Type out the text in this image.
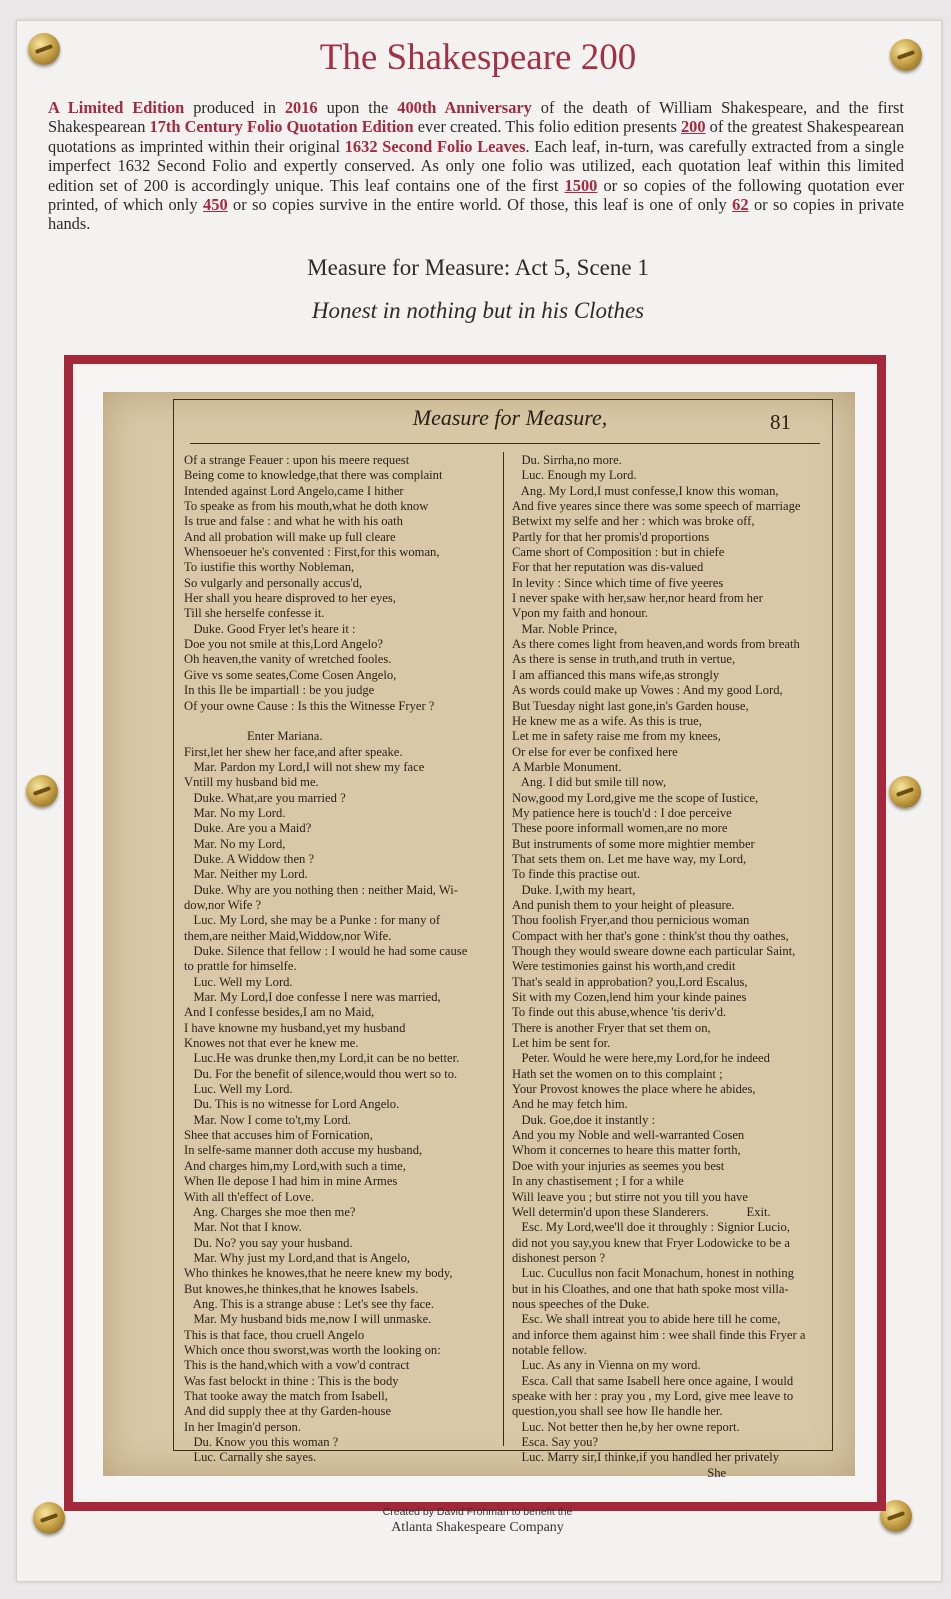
The Shakespeare 200
A Limited Edition produced in 2016 upon the 400th Anniversary of the death of William Shakespeare, and the first Shakespearean 17th Century Folio Quotation Edition ever created. This folio edition presents 200 of the greatest Shakespearean quotations as imprinted within their original 1632 Second Folio Leaves. Each leaf, in-turn, was carefully extracted from a single imperfect 1632 Second Folio and expertly conserved. As only one folio was utilized, each quotation leaf within this limited edition set of 200 is accordingly unique. This leaf contains one of the first 1500 or so copies of the following quotation ever printed, of which only 450 or so copies survive in the entire world. Of those, this leaf is one of only 62 or so copies in private hands.
Measure for Measure: Act 5, Scene 1
Honest in nothing but in his Clothes
Measure for Measure,	81
Of a strange Feauer : upon his meere request
Being come to knowledge,that there was complaint
Intended against Lord Angelo,came I hither
To speake as from his mouth,what he doth know
Is true and false : and what he with his oath
And all probation will make up full cleare
Whensoeuer he's convented : First,for this woman,
To iustifie this worthy Nobleman,
So vulgarly and personally accus'd,
Her shall you heare disproved to her eyes,
Till she herselfe confesse it.
Duke. Good Fryer let's heare it :
Doe you not smile at this,Lord Angelo?
Oh heaven,the vanity of wretched fooles.
Give vs some seates,Come Cosen Angelo,
In this Ile be impartiall : be you judge
Of your owne Cause : Is this the Witnesse Fryer ?

Enter Mariana.
First,let her shew her face,and after speake.
Mar. Pardon my Lord,I will not shew my face
Vntill my husband bid me.
Duke. What,are you married ?
Mar. No my Lord.
Duke. Are you a Maid?
Mar. No my Lord,
Duke. A Widdow then ?
Mar. Neither my Lord.
Duke. Why are you nothing then : neither Maid, Wi-
dow,nor Wife ?
Luc. My Lord, she may be a Punke : for many of
them,are neither Maid,Widdow,nor Wife.
Duke. Silence that fellow : I would he had some cause
to prattle for himselfe.
Luc. Well my Lord.
Mar. My Lord,I doe confesse I nere was married,
And I confesse besides,I am no Maid,
I have knowne my husband,yet my husband
Knowes not that ever he knew me.
Luc.He was drunke then,my Lord,it can be no better.
Du. For the benefit of silence,would thou wert so to.
Luc. Well my Lord.
Du. This is no witnesse for Lord Angelo.
Mar. Now I come to't,my Lord.
Shee that accuses him of Fornication,
In selfe-same manner doth accuse my husband,
And charges him,my Lord,with such a time,
When Ile depose I had him in mine Armes
With all th'effect of Love.
Ang. Charges she moe then me?
Mar. Not that I know.
Du. No? you say your husband.
Mar. Why just my Lord,and that is Angelo,
Who thinkes he knowes,that he neere knew my body,
But knowes,he thinkes,that he knowes Isabels.
Ang. This is a strange abuse : Let's see thy face.
Mar. My husband bids me,now I will unmaske.
This is that face, thou cruell Angelo
Which once thou sworst,was worth the looking on:
This is the hand,which with a vow'd contract
Was fast belockt in thine : This is the body
That tooke away the match from Isabell,
And did supply thee at thy Garden-house
In her Imagin'd person.
Du. Know you this woman ?
Luc. Carnally she sayes.
Du. Sirrha,no more.
Luc. Enough my Lord.
Ang. My Lord,I must confesse,I know this woman,
And five yeares since there was some speech of marriage
Betwixt my selfe and her : which was broke off,
Partly for that her promis'd proportions
Came short of Composition : but in chiefe
For that her reputation was dis-valued
In levity : Since which time of five yeeres
I never spake with her,saw her,nor heard from her
Vpon my faith and honour.
Mar. Noble Prince,
As there comes light from heaven,and words from breath
As there is sense in truth,and truth in vertue,
I am affianced this mans wife,as strongly
As words could make up Vowes : And my good Lord,
But Tuesday night last gone,in's Garden house,
He knew me as a wife. As this is true,
Let me in safety raise me from my knees,
Or else for ever be confixed here
A Marble Monument.
Ang. I did but smile till now,
Now,good my Lord,give me the scope of Iustice,
My patience here is touch'd : I doe perceive
These poore informall women,are no more
But instruments of some more mightier member
That sets them on. Let me have way, my Lord,
To finde this practise out.
Duke. I,with my heart,
And punish them to your height of pleasure.
Thou foolish Fryer,and thou pernicious woman
Compact with her that's gone : think'st thou thy oathes,
Though they would sweare downe each particular Saint,
Were testimonies gainst his worth,and credit
That's seald in approbation? you,Lord Escalus,
Sit with my Cozen,lend him your kinde paines
To finde out this abuse,whence 'tis deriv'd.
There is another Fryer that set them on,
Let him be sent for.
Peter. Would he were here,my Lord,for he indeed
Hath set the women on to this complaint ;
Your Provost knowes the place where he abides,
And he may fetch him.
Duk. Goe,doe it instantly :
And you my Noble and well-warranted Cosen
Whom it concernes to heare this matter forth,
Doe with your injuries as seemes you best
In any chastisement ; I for a while
Will leave you ; but stirre not you till you have
Well determin'd upon these Slanderers.            Exit.
Esc. My Lord,wee'll doe it throughly : Signior Lucio,
did not you say,you knew that Fryer Lodowicke to be a
dishonest person ?
Luc. Cucullus non facit Monachum, honest in nothing
but in his Cloathes, and one that hath spoke most villa-
nous speeches of the Duke.
Esc. We shall intreat you to abide here till he come,
and inforce them against him : wee shall finde this Fryer a
notable fellow.
Luc. As any in Vienna on my word.
Esca. Call that same Isabell here once againe, I would
speake with her : pray you , my Lord, give mee leave to
question,you shall see how Ile handle her.
Luc. Not better then he,by her owne report.
Esca. Say you?
Luc. Marry sir,I thinke,if you handled her privately
She
Created by David Frohman to benefit the
Atlanta Shakespeare Company
